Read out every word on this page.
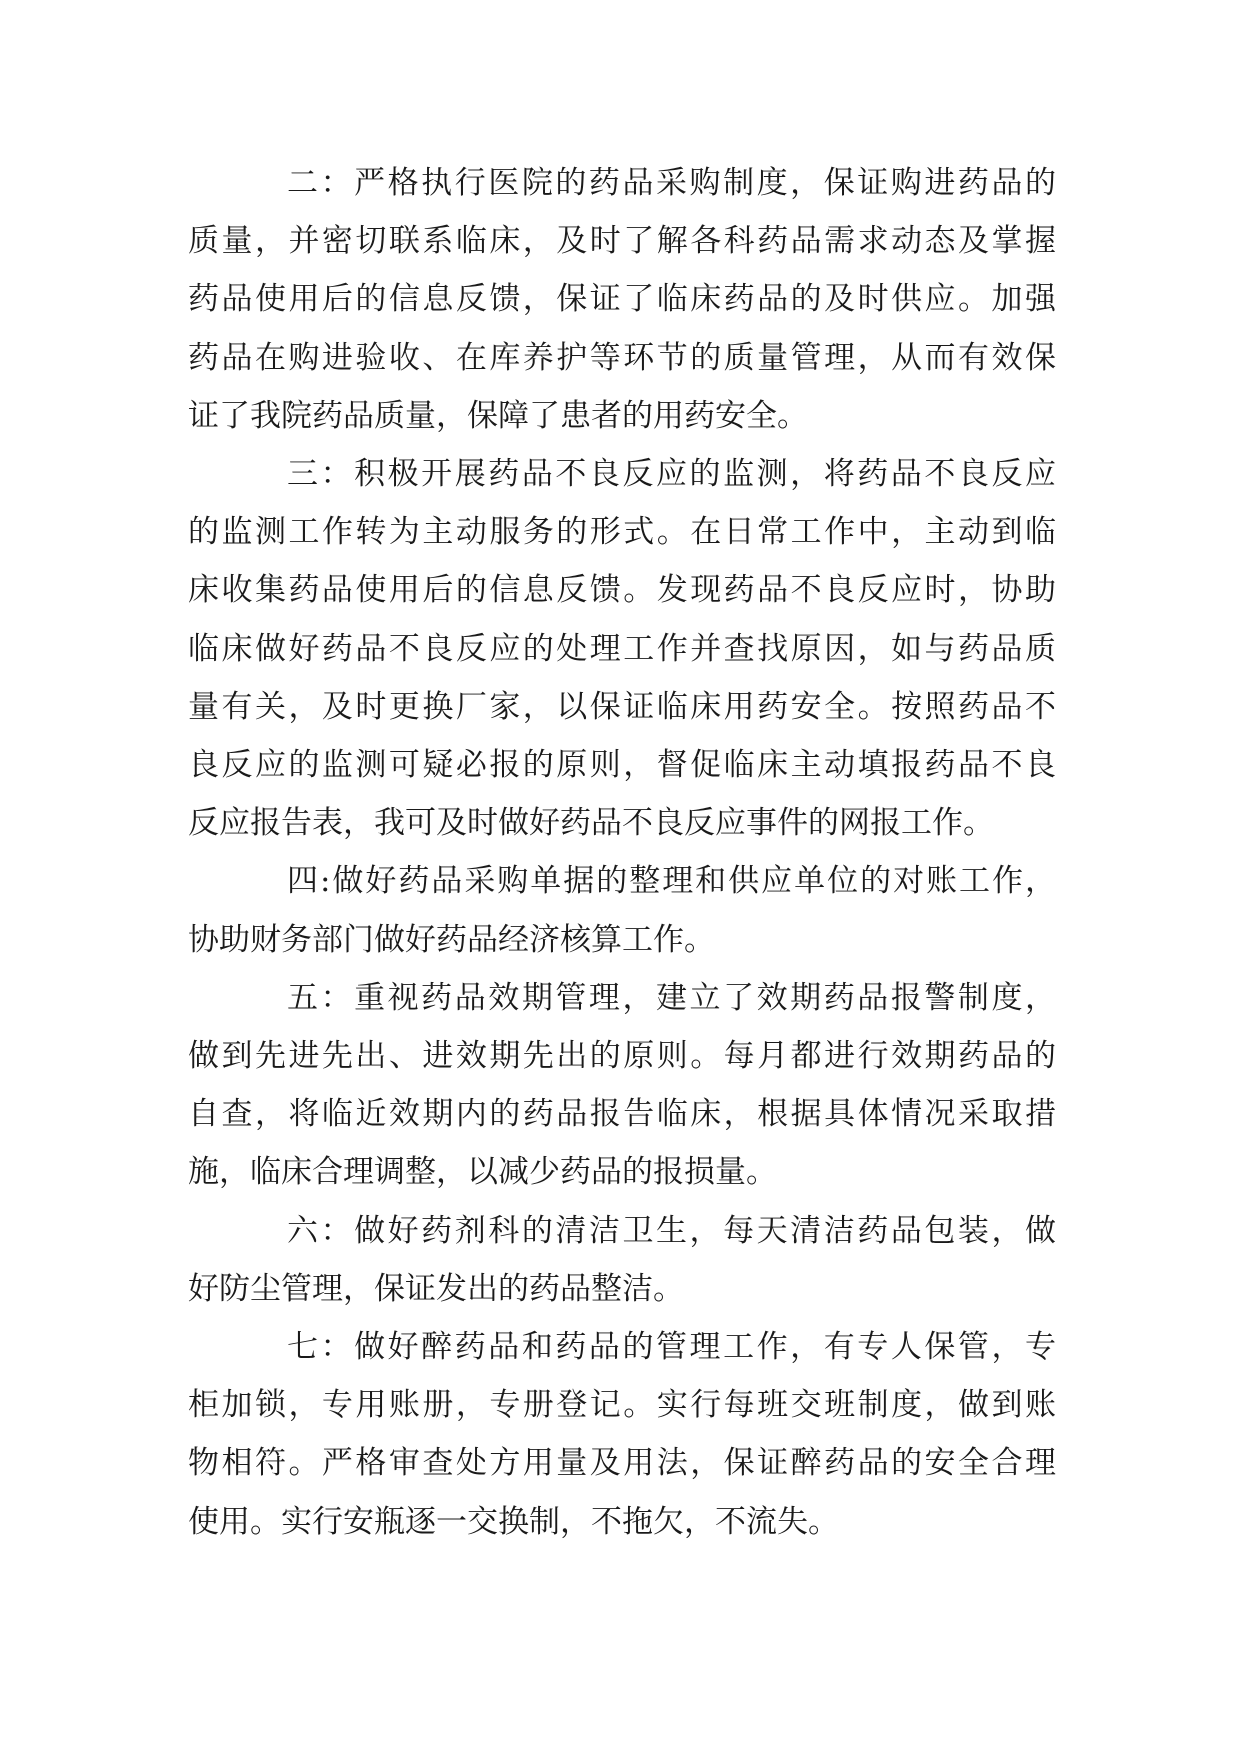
二：严格执行医院的药品采购制度，保证购进药品的
质量，并密切联系临床，及时了解各科药品需求动态及掌握
药品使用后的信息反馈，保证了临床药品的及时供应。加强
药品在购进验收、在库养护等环节的质量管理，从而有效保
证了我院药品质量，保障了患者的用药安全。

三：积极开展药品不良反应的监测，将药品不良反应
的监测工作转为主动服务的形式。在日常工作中，主动到临
床收集药品使用后的信息反馈。发现药品不良反应时，协助
临床做好药品不良反应的处理工作并查找原因，如与药品质
量有关，及时更换厂家，以保证临床用药安全。按照药品不
良反应的监测可疑必报的原则，督促临床主动填报药品不良
反应报告表，我可及时做好药品不良反应事件的网报工作。

四:做好药品采购单据的整理和供应单位的对账工作，
协助财务部门做好药品经济核算工作。

五：重视药品效期管理，建立了效期药品报警制度，
做到先进先出、进效期先出的原则。每月都进行效期药品的
自查，将临近效期内的药品报告临床，根据具体情况采取措
施，临床合理调整，以减少药品的报损量。

六：做好药剂科的清洁卫生，每天清洁药品包装，做
好防尘管理，保证发出的药品整洁。

七：做好醉药品和药品的管理工作，有专人保管，专
柜加锁，专用账册，专册登记。实行每班交班制度，做到账
物相符。严格审查处方用量及用法，保证醉药品的安全合理
使用。实行安瓶逐一交换制，不拖欠，不流失。
